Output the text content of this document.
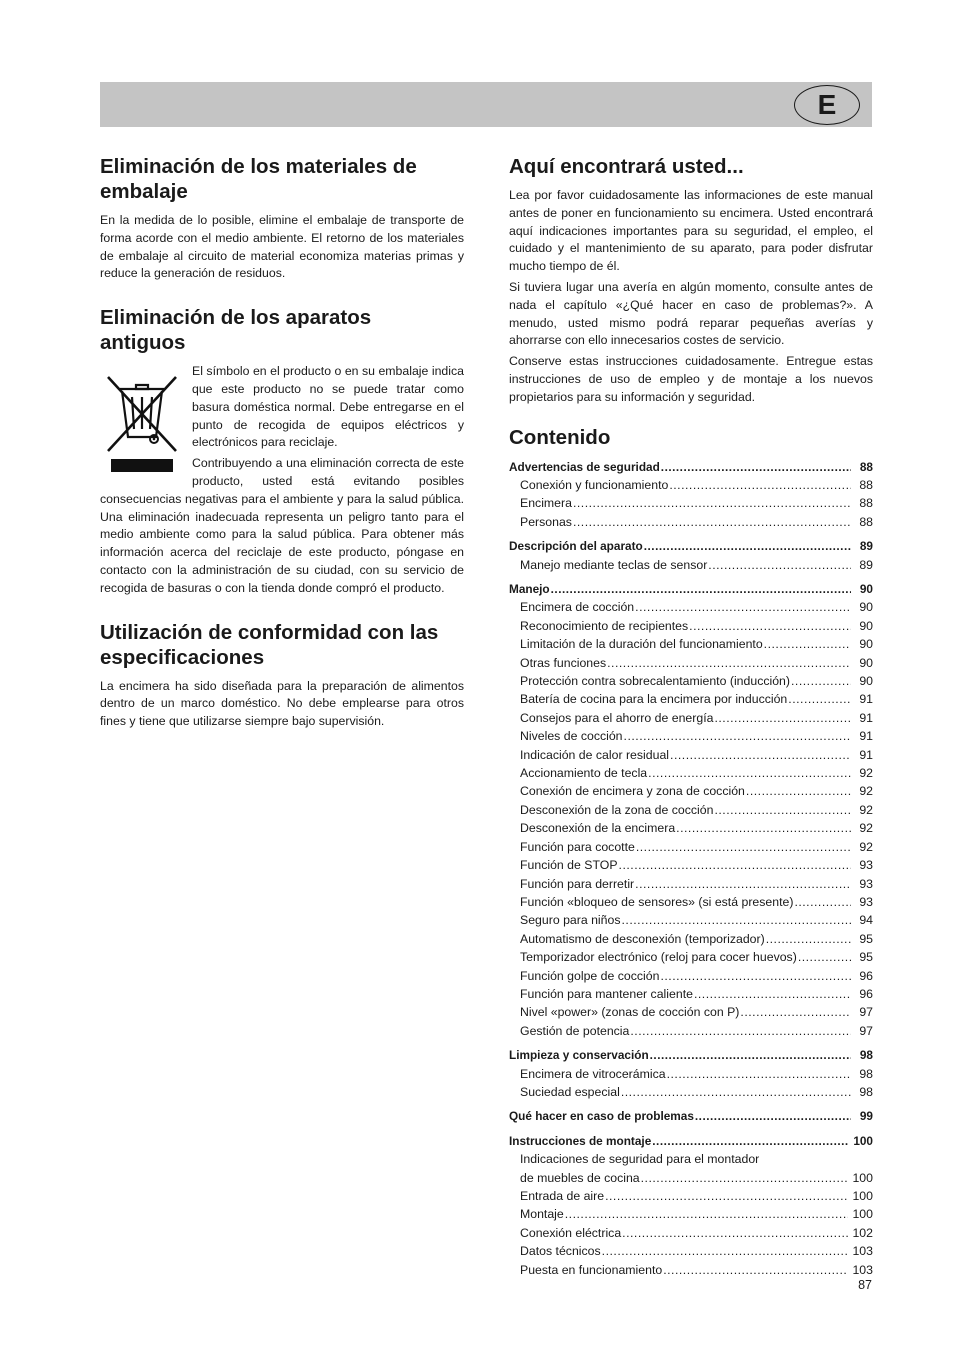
E
Eliminación de los materiales de embalaje

En la medida de lo posible, elimine el embalaje de transporte de forma acorde con el medio ambiente. El retorno de los materiales de embalaje al circuito de material economiza materias primas y reduce la generación de residuos.

Eliminación de los aparatos antiguos

El símbolo en el producto o en su embalaje indica que este producto no se puede tratar como basura doméstica normal. Debe entregarse en el punto de recogida de equipos eléctricos y electrónicos para reciclaje.

Contribuyendo a una eliminación correcta de este producto, usted está evitando posibles consecuencias negativas para el ambiente y para la salud pública. Una eliminación inadecuada representa un peligro tanto para el medio ambiente como para la salud pública. Para obtener más información acerca del reciclaje de este producto, póngase en contacto con la administración de su ciudad, con su servicio de recogida de basuras o con la tienda donde compró el producto.

Utilización de conformidad con las especificaciones

La encimera ha sido diseñada para la preparación de alimentos dentro de un marco doméstico. No debe emplearse para otros fines y tiene que utilizarse siempre bajo supervisión.

Aquí encontrará usted...

Lea por favor cuidadosamente las informaciones de este manual antes de poner en funcionamiento su encimera. Usted encontrará aquí indicaciones importantes para su seguridad, el empleo, el cuidado y el mantenimiento de su aparato, para poder disfrutar mucho tiempo de él.

Si tuviera lugar una avería en algún momento, consulte antes de nada el capítulo «¿Qué hacer en caso de problemas?». A menudo, usted mismo podrá reparar pequeñas averías y ahorrarse con ello innecesarios costes de servicio.

Conserve estas instrucciones cuidadosamente. Entregue estas instrucciones de uso de empleo y de montaje a los nuevos propietarios para su información y seguridad.

Contenido
Advertencias de seguridad .....	88
Conexión y funcionamiento .....	88
Encimera .....	88
Personas .....	88
Descripción del aparato .....	89
Manejo mediante teclas de sensor .....	89
Manejo .....	90
Encimera de cocción .....	90
Reconocimiento de recipientes .....	90
Limitación de la duración del funcionamiento .....	90
Otras funciones .....	90
Protección contra sobrecalentamiento (inducción) .....	90
Batería de cocina para la encimera por inducción .....	91
Consejos para el ahorro de energía .....	91
Niveles de cocción .....	91
Indicación de calor residual .....	91
Accionamiento de tecla .....	92
Conexión de encimera y zona de cocción .....	92
Desconexión de la zona de cocción .....	92
Desconexión de la encimera .....	92
Función para cocotte .....	92
Función de STOP .....	93
Función para derretir .....	93
Función «bloqueo de sensores» (si está presente) .....	93
Seguro para niños .....	94
Automatismo de desconexión (temporizador) .....	95
Temporizador electrónico (reloj para cocer huevos) .....	95
Función golpe de cocción .....	96
Función para mantener caliente .....	96
Nivel «power» (zonas de cocción con P) .....	97
Gestión de potencia .....	97
Limpieza y conservación .....	98
Encimera de vitrocerámica .....	98
Suciedad especial .....	98
Qué hacer en caso de problemas .....	99
Instrucciones de montaje .....	100
Indicaciones de seguridad para el montador
de muebles de cocina .....	100
Entrada de aire .....	100
Montaje .....	100
Conexión eléctrica .....	102
Datos técnicos .....	103
Puesta en funcionamiento .....	103
87
